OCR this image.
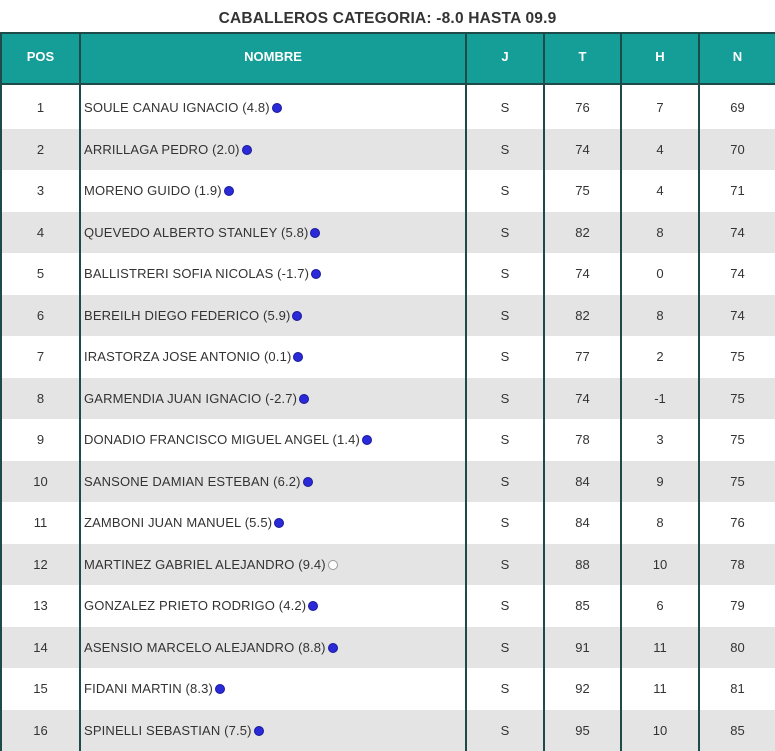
CABALLEROS CATEGORIA: -8.0 HASTA 09.9
POS	NOMBRE	J	T	H	N

1	SOULE CANAU IGNACIO (4.8)	S	76	7	69
2	ARRILLAGA PEDRO (2.0)	S	74	4	70
3	MORENO GUIDO (1.9)	S	75	4	71
4	QUEVEDO ALBERTO STANLEY (5.8)	S	82	8	74
5	BALLISTRERI SOFIA NICOLAS (-1.7)	S	74	0	74
6	BEREILH DIEGO FEDERICO (5.9)	S	82	8	74
7	IRASTORZA JOSE ANTONIO (0.1)	S	77	2	75
8	GARMENDIA JUAN IGNACIO (-2.7)	S	74	-1	75
9	DONADIO FRANCISCO MIGUEL ANGEL (1.4)	S	78	3	75
10	SANSONE DAMIAN ESTEBAN (6.2)	S	84	9	75
11	ZAMBONI JUAN MANUEL (5.5)	S	84	8	76
12	MARTINEZ GABRIEL ALEJANDRO (9.4)	S	88	10	78
13	GONZALEZ PRIETO RODRIGO (4.2)	S	85	6	79
14	ASENSIO MARCELO ALEJANDRO (8.8)	S	91	11	80
15	FIDANI MARTIN (8.3)	S	92	11	81
16	SPINELLI SEBASTIAN (7.5)	S	95	10	85
